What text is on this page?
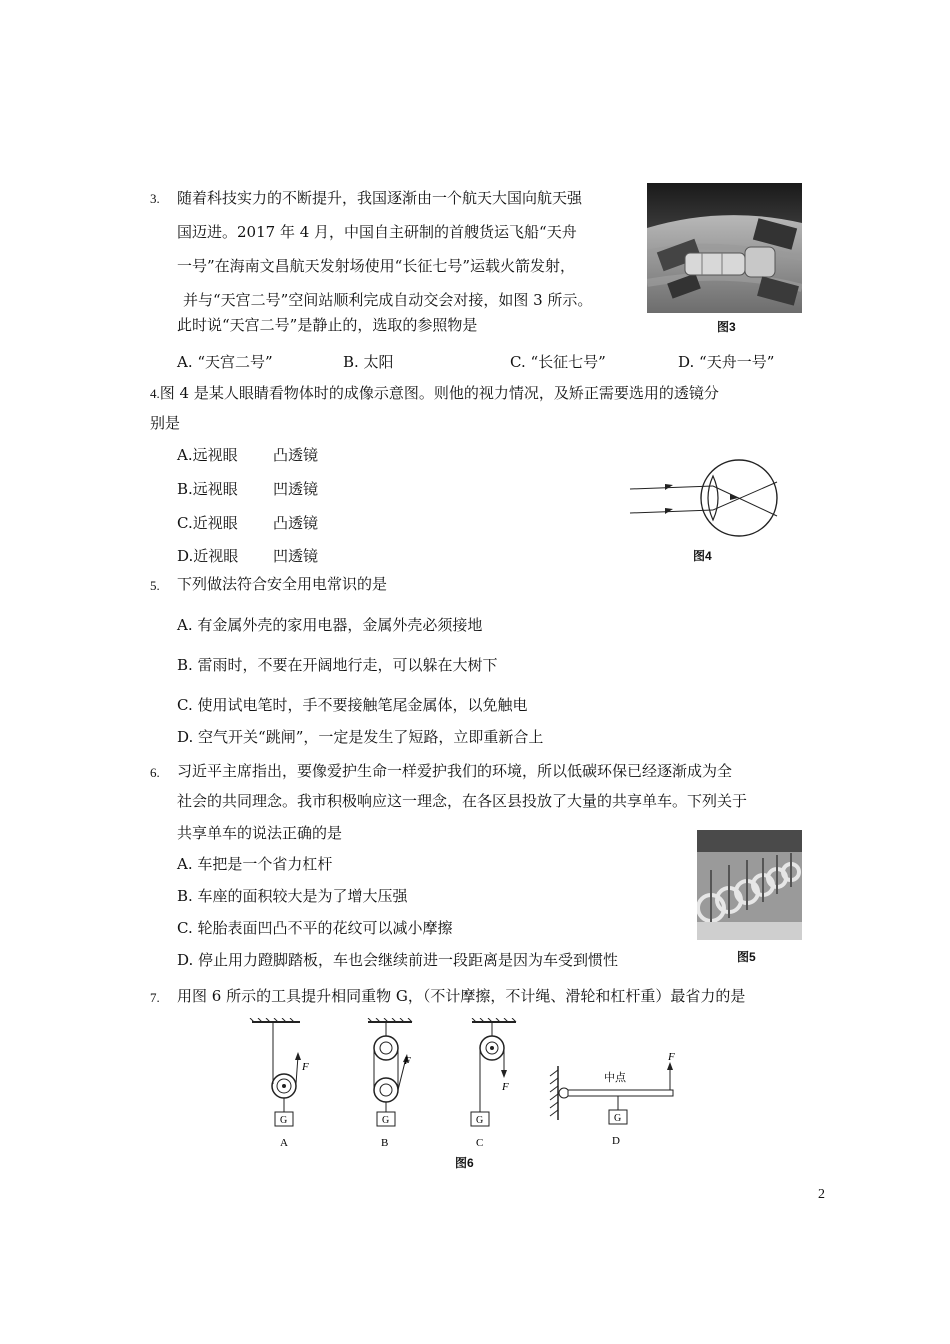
3. 随着科技实力的不断提升，我国逐渐由一个航天大国向航天强
国迈进。2017 年 4 月，中国自主研制的首艘货运飞船“天舟
一号”在海南文昌航天发射场使用“长征七号”运载火箭发射，
并与“天宫二号”空间站顺利完成自动交会对接，如图 3 所示。
此时说“天宫二号”是静止的，选取的参照物是	图3
A. “天宫二号”	B. 太阳	C. “长征七号”	D. “天舟一号”
4.图 4 是某人眼睛看物体时的成像示意图。则他的视力情况，及矫正需要选用的透镜分
别是
A.远视眼 凸透镜
B.远视眼 凹透镜
C.近视眼 凸透镜
D.近视眼 凹透镜	图4
5. 下列做法符合安全用电常识的是
A. 有金属外壳的家用电器，金属外壳必须接地
B. 雷雨时，不要在开阔地行走，可以躲在大树下
C. 使用试电笔时，手不要接触笔尾金属体，以免触电
D. 空气开关“跳闸”，一定是发生了短路，立即重新合上
6. 习近平主席指出，要像爱护生命一样爱护我们的环境，所以低碳环保已经逐渐成为全
社会的共同理念。我市积极响应这一理念，在各区县投放了大量的共享单车。下列关于
共享单车的说法正确的是
A. 车把是一个省力杠杆
B. 车座的面积较大是为了增大压强
C. 轮胎表面凹凸不平的花纹可以减小摩擦
D. 停止用力蹬脚踏板，车也会继续前进一段距离是因为车受到惯性	图5
7. 用图 6 所示的工具提升相同重物 G，（不计摩擦，不计绳、滑轮和杠杆重）最省力的是
F
G
A
F
G
B
F
G
C
中点
G
F
D
图6
2
